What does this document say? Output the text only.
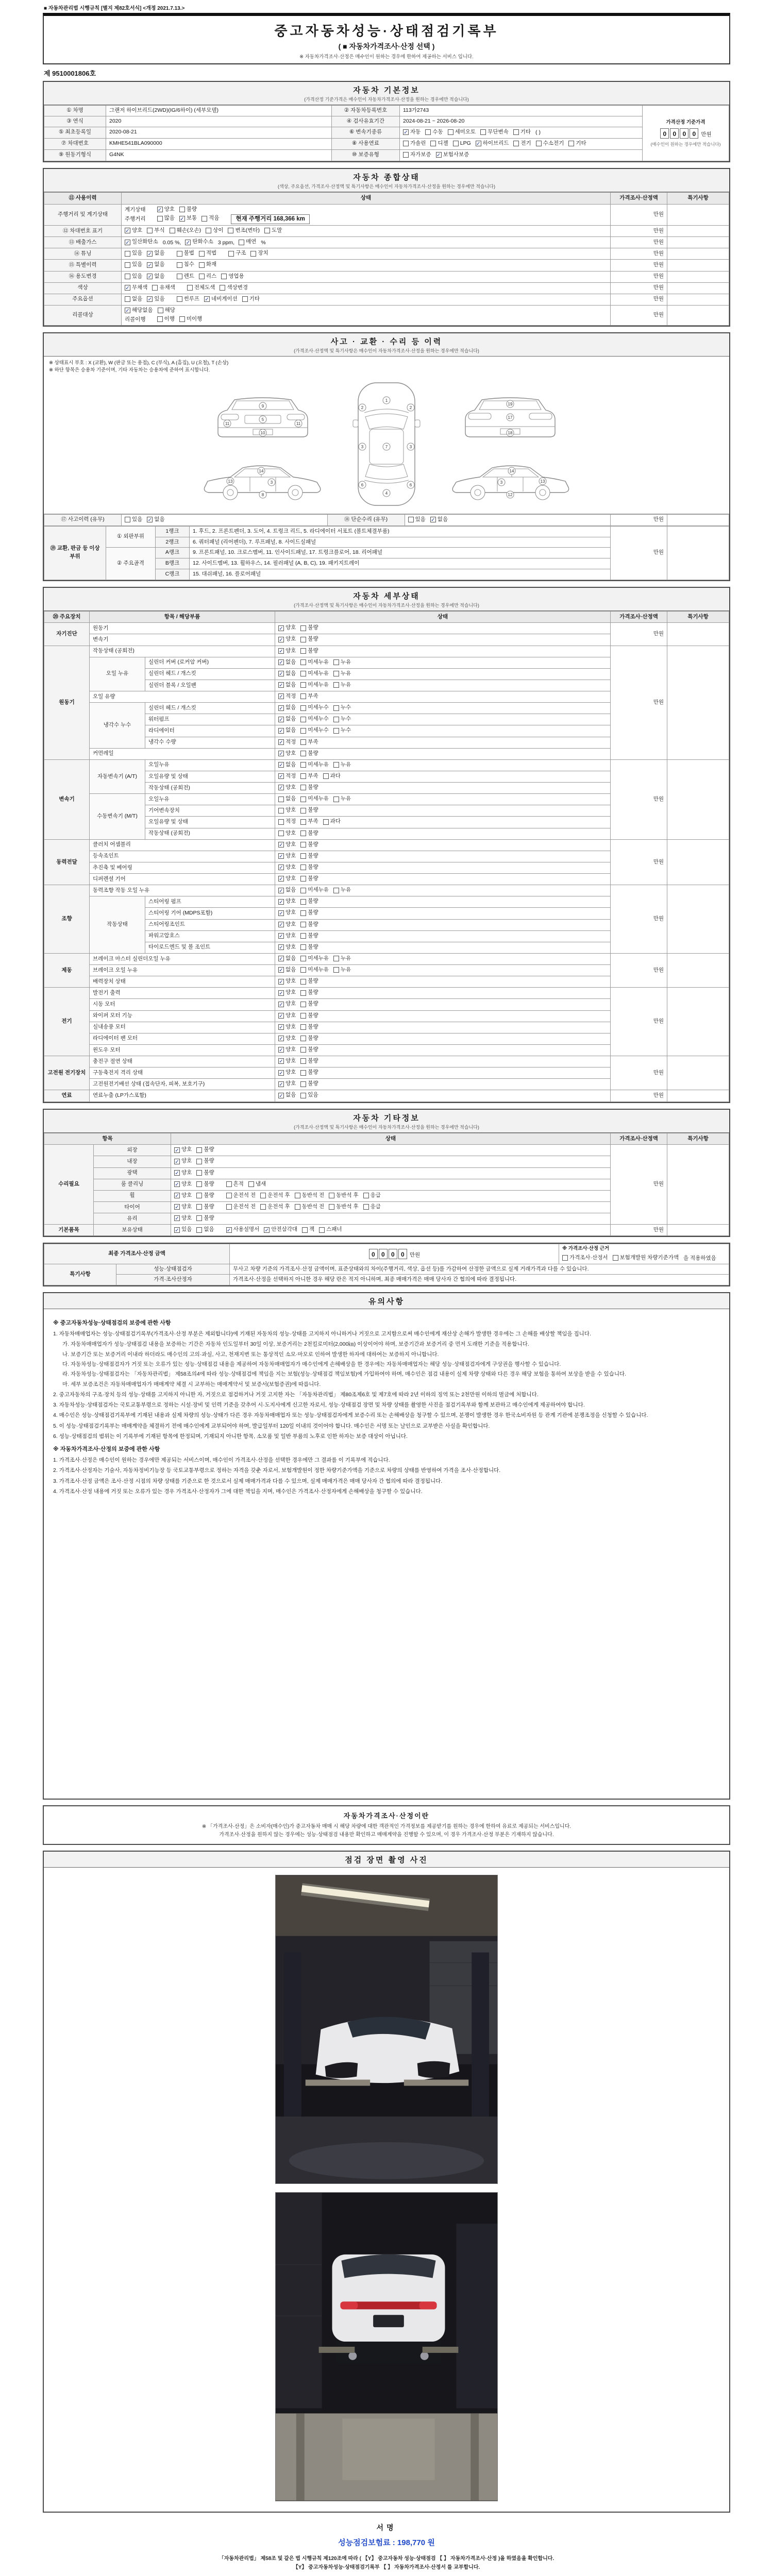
■ 자동차관리법 시행규칙 [별지 제82호서식] <개정 2021.7.13.>
중고자동차성능·상태점검기록부
( ■ 자동차가격조사·산정 선택 )
※ 자동차가격조사·산정은 매수인이 원하는 경우에 한하여 제공하는 서비스 입니다.
제 9510001806호
자동차 기본정보
(가격산정 기준가격은 매수인이 자동차가격조사·산정을 원하는 경우에만 적습니다)
① 차명	그랜저 하이브리드(2WD)(IG/6하이) (세부모델)	② 자동차등록번호	113가2743	가격산정 기준가격
0 0 0 0 만원
(매수인이 원하는 경우에만 적습니다)

③ 연식	2020	④ 검사유효기간	2024-08-21 ~ 2026-08-20	
⑤ 최초등록일	2020-08-21	⑥ 변속기종류	✓ 자동
수동
세미오토
무단변속
기타 ( )

⑦ 차대번호	KMHE541BLA090000	⑧ 사용연료	가솔린
디젤
LPG ✓ 하이브리드
전기
수소전기
기타

⑨ 원동기형식	G4NK	⑩ 보증유형	자가보증 ✓ 보험사보증	
자동차 종합상태
(색상, 주요옵션, 가격조사·산정액 및 특기사항은 매수인이 자동차가격조사·산정을 원하는 경우에만 적습니다)
⑪ 사용이력	상태	가격조사·산정액	특기사항
주행거리 및 계기상태	
계기상태 ✓ 양호
불량
주행거리
	많음 ✓ 보통
적음	현재 주행거리 168,366 km
	만원	
⑫ 차대번호 표기	✓ 양호
부식
훼손(오손)
상이
변조(변타)
도말	만원	
⑬ 배출가스	✓ 일산화탄소 0.05 %, ✓ 탄화수소 3 ppm,
매연 %	만원	
⑭ 튜닝	있음 ✓ 없음
	불법
적법
	구조
장치	만원	
⑮ 특별이력	있음 ✓ 없음
침수
화재	만원	
⑯ 용도변경	있음 ✓ 없음
	렌트
리스
영업용	만원	
색상	✓ 무채색
유채색
전체도색
색상변경	만원	
주요옵션	없음 ✓ 있음
	썬루프 ✓ 네비게이션
기타	만원	
리콜대상	
✓ 해당없음
해당
리콜이행
	이행
미이행
	만원	
사고 · 교환 · 수리 등 이력
(가격조사·산정액 및 특기사항은 매수인이 자동차가격조사·산정을 원하는 경우에만 적습니다)
※ 상태표시 부호 : X (교환), W (판금 또는 용접), C (부식), A (흠집), U (요철), T (손상)
※ 하단 항목은 승용차 기준이며, 기타 자동차는 승용차에 준하여 표시합니다.
9
5
10
11	11
13
14
3
8
1
2	2
3	7	3
6	6
4
19
17
18
14
3
12
13
⑰ 사고이력 (유무)	있음 ✓ 없음	⑱ 단순수리 (유무)	있음 ✓ 없음	만원	
⑲ 교환, 판금 등 이상 부위	① 외판부위	1랭크	1. 후드, 2. 프론트펜더, 3. 도어, 4. 트렁크 리드, 5. 라디에이터 서포트 (볼트체결부품)	만원	
		2랭크	6. 쿼터패널 (리어펜더), 7. 루프패널, 8. 사이드실패널		
	② 주요골격	A랭크	9. 프론트패널, 10. 크로스멤버, 11. 인사이드패널, 17. 트렁크플로어, 18. 리어패널		
		B랭크	12. 사이드멤버, 13. 휠하우스, 14. 필러패널 (A, B, C), 19. 패키지트레이		
		C랭크	15. 대쉬패널, 16. 플로어패널		
자동차 세부상태
(가격조사·산정액 및 특기사항은 매수인이 자동차가격조사·산정을 원하는 경우에만 적습니다)
⑳ 주요장치	항목 / 해당부품		상태	가격조사·산정액	특기사항
자기진단	원동기		✓ 양호
불량	만원	
	변속기		✓ 양호
불량		

원동기	작동상태 (공회전)		✓ 양호
불량	만원	
	오일 누유	실린더 커버 (로커암 커버)	✓ 없음
미세누유
누유		

		실린더 헤드 / 개스킷	✓ 없음
미세누유
누유		

		실린더 블록 / 오일팬	✓ 없음
미세누유
누유		

	오일 유량		✓ 적정
부족		

	냉각수 누수	실린더 헤드 / 개스킷	✓ 없음
미세누수
누수		

		워터펌프	✓ 없음
미세누수
누수		

		라디에이터	✓ 없음
미세누수
누수		

		냉각수 수량	✓ 적정
부족		

	커먼레일		✓ 양호
불량		

변속기	자동변속기 (A/T)	오일누유	✓ 없음
미세누유
누유	만원	
		오일유량 및 상태	✓ 적정
부족
과다		

		작동상태 (공회전)	✓ 양호
불량		

	수동변속기 (M/T)	오일누유	없음
미세누유
누유		

		기어변속장치	양호
불량		

		오일유량 및 상태	적정
부족
과다		

		작동상태 (공회전)	양호
불량		

동력전달	클러치 어셈블리		✓ 양호
불량	만원	
	등속조인트		✓ 양호
불량		

	추진축 및 베어링		✓ 양호
불량		

	디퍼렌셜 기어		✓ 양호
불량		

조향	동력조향 작동 오일 누유		✓ 없음
미세누유
누유	만원	
	작동상태	스티어링 펌프	✓ 양호
불량		

		스티어링 기어 (MDPS포함)	✓ 양호
불량		

		스티어링조인트	✓ 양호
불량		

		파워고압호스	✓ 양호
불량		

		타이로드엔드 및 볼 조인트	✓ 양호
불량		

제동	브레이크 마스터 실린더오일 누유		✓ 없음
미세누유
누유	만원	
	브레이크 오일 누유		✓ 없음
미세누유
누유		

	배력장치 상태		✓ 양호
불량		

전기	발전기 출력		✓ 양호
불량	만원	
	시동 모터		✓ 양호
불량		

	와이퍼 모터 기능		✓ 양호
불량		

	실내송풍 모터		✓ 양호
불량		

	라디에이터 팬 모터		✓ 양호
불량		

	윈도우 모터		✓ 양호
불량		

고전원 전기장치	충전구 절연 상태		✓ 양호
불량	만원	
	구동축전지 격리 상태		✓ 양호
불량		

	고전원전기배선 상태 (접속단자, 피복, 보호기구)		✓ 양호
불량		

연료	연료누출 (LP가스포함)		✓ 없음
있음	만원	
자동차 기타정보
(가격조사·산정액 및 특기사항은 매수인이 자동차가격조사·산정을 원하는 경우에만 적습니다)
항목		상태	가격조사·산정액	특기사항
수리필요	외장	✓ 양호
불량	만원	
	내장	✓ 양호
불량		

	광택	✓ 양호
불량		

	룸 클리닝	✓ 양호
불량
흔적
냄새		

휠	✓ 양호
불량
	운전석 전
운전석 후
동반석 전
동반석 후
응급

타이어	✓ 양호
불량
	운전석 전
운전석 후
동반석 전
동반석 후
응급

	유리	✓ 양호
불량		

기본품목	보유상태	✓ 있음
없음 ✓ 사용설명서 ✓ 안전삼각대
잭
스패너	만원	
최종 가격조사·산정 금액		0 0 0 0 만원	※ 가격조사·산정 근거

가격조사·산정서
보험개발원 차량기준가액 을 적용하였음

특기사항	성능·상태점검자	무사고 차량 기준의 가격조사·산정 금액이며, 표준상태와의 차이(주행거리, 색상, 옵션 등)를 가감하여 산정한 금액으로 실제 거래가격과 다를 수 있습니다.	
	가격·조사산정자	가격조사·산정을 선택하지 아니한 경우 해당 란은 적지 아니하며, 최종 매매가격은 매매 당사자 간 협의에 따라 결정됩니다.	
유의사항
※ 중고자동차성능·상태점검의 보증에 관한 사항
1. 자동차매매업자는 성능·상태점검기록부(가격조사·산정 부분은 제외합니다)에 기재된 자동차의 성능·상태를 고지하지 아니하거나 거짓으로 고지함으로써 매수인에게 재산상 손해가 발생한 경우에는 그 손해를 배상할 책임을 집니다.
가. 자동차매매업자가 성능·상태점검 내용을 보증하는 기간은 자동차 인도일부터 30일 이상, 보증거리는 2천킬로미터(2,000㎞) 이상이어야 하며, 보증기간과 보증거리 중 먼저 도래한 기준을 적용합니다.
나. 보증기간 또는 보증거리 이내라 하더라도 매수인의 고의·과실, 사고, 천재지변 또는 통상적인 소모·마모로 인하여 발생한 하자에 대하여는 보증하지 아니합니다.
다. 자동차성능·상태점검자가 거짓 또는 오류가 있는 성능·상태점검 내용을 제공하여 자동차매매업자가 매수인에게 손해배상을 한 경우에는 자동차매매업자는 해당 성능·상태점검자에게 구상권을 행사할 수 있습니다.
라. 자동차성능·상태점검자는 「자동차관리법」 제58조의4에 따라 성능·상태점검에 책임을 지는 보험(성능·상태점검 책임보험)에 가입하여야 하며, 매수인은 점검 내용이 실제 차량 상태와 다른 경우 해당 보험을 통하여 보상을 받을 수 있습니다.
마. 세부 보증조건은 자동차매매업자가 매매계약 체결 시 교부하는 매매계약서 및 보증서(보험증권)에 따릅니다.
2. 중고자동차의 구조·장치 등의 성능·상태를 고지하지 아니한 자, 거짓으로 점검하거나 거짓 고지한 자는 「자동차관리법」 제80조제6호 및 제7호에 따라 2년 이하의 징역 또는 2천만원 이하의 벌금에 처합니다.
3. 자동차성능·상태점검자는 국토교통부령으로 정하는 시설·장비 및 인력 기준을 갖추어 시·도지사에게 신고한 자로서, 성능·상태점검 장면 및 차량 상태를 촬영한 사진을 점검기록부와 함께 보관하고 매수인에게 제공하여야 합니다.
4. 매수인은 성능·상태점검기록부에 기재된 내용과 실제 차량의 성능·상태가 다른 경우 자동차매매업자 또는 성능·상태점검자에게 보증수리 또는 손해배상을 청구할 수 있으며, 분쟁이 발생한 경우 한국소비자원 등 관계 기관에 분쟁조정을 신청할 수 있습니다.
5. 이 성능·상태점검기록부는 매매계약을 체결하기 전에 매수인에게 교부되어야 하며, 발급일부터 120일 이내의 것이어야 합니다. 매수인은 서명 또는 날인으로 교부받은 사실을 확인합니다.
6. 성능·상태점검의 범위는 이 기록부에 기재된 항목에 한정되며, 기재되지 아니한 항목, 소모품 및 일반 부품의 노후로 인한 하자는 보증 대상이 아닙니다.
※ 자동차가격조사·산정의 보증에 관한 사항
1. 가격조사·산정은 매수인이 원하는 경우에만 제공되는 서비스이며, 매수인이 가격조사·산정을 선택한 경우에만 그 결과를 이 기록부에 적습니다.
2. 가격조사·산정자는 기술사, 자동차정비기능장 등 국토교통부령으로 정하는 자격을 갖춘 자로서, 보험개발원이 정한 차량기준가액을 기준으로 차량의 상태를 반영하여 가격을 조사·산정합니다.
3. 가격조사·산정 금액은 조사·산정 시점의 차량 상태를 기준으로 한 것으로서 실제 매매가격과 다를 수 있으며, 실제 매매가격은 매매 당사자 간 협의에 따라 결정됩니다.
4. 가격조사·산정 내용에 거짓 또는 오류가 있는 경우 가격조사·산정자가 그에 대한 책임을 지며, 매수인은 가격조사·산정자에게 손해배상을 청구할 수 있습니다.
자동차가격조사·산정이란
※ 「가격조사·산정」은 소비자(매수인)가 중고자동차 매매 시 해당 차량에 대한 객관적인 가격정보를 제공받기를 원하는 경우에 한하여 유료로 제공되는 서비스입니다.
가격조사·산정을 원하지 않는 경우에는 성능·상태점검 내용만 확인하고 매매계약을 진행할 수 있으며, 이 경우 가격조사·산정 부분은 기재하지 않습니다.
점검 장면 촬영 사진
서명
성능점검보험료 : 198,770 원
「자동차관리법」 제58조 및 같은 법 시행규칙 제120조에 따라 ( 【Y】 중고자동차 성능·상태점검 【 】 자동차가격조사·산정 )을 하였음을 확인합니다.
【Y】 중고자동차성능·상태점검기록부 【 】 자동차가격조사·산정서 를 교부합니다.
